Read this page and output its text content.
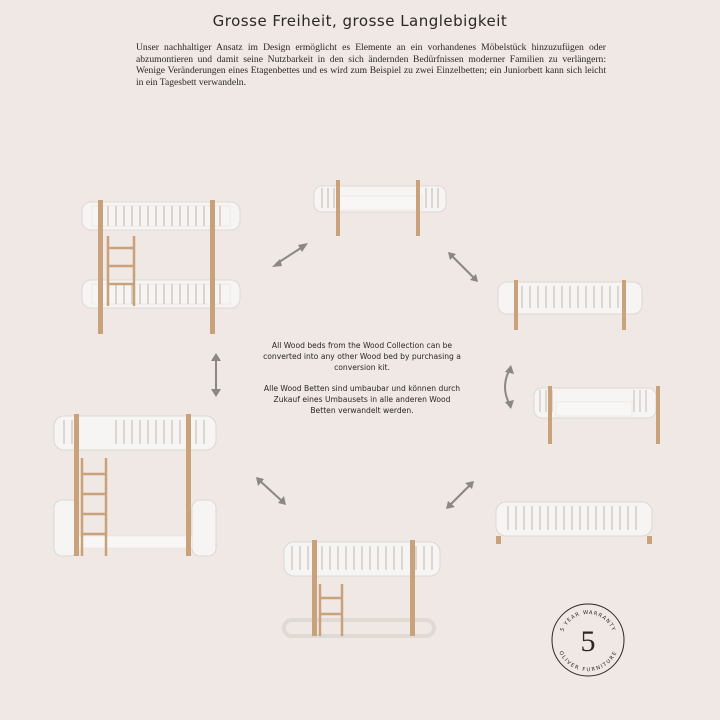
Grosse Freiheit, grosse Langlebigkeit
Unser nachhaltiger Ansatz im Design ermöglicht es Elemente an ein vorhandenes Möbelstück hinzuzufügen oder abzumontieren und damit seine Nutzbarkeit in den sich ändernden Bedürfnissen moderner Familien zu verlängern: Wenige Veränderungen eines Etagenbettes und es wird zum Beispiel zu zwei Einzelbetten; ein Juniorbett kann sich leicht in ein Tagesbett verwandeln.

All Wood beds from the Wood Collection can be converted into any other Wood bed by purchasing a conversion kit.

Alle Wood Betten sind umbaubar und können durch Zukauf eines Umbausets in alle anderen Wood Betten verwandelt werden.

5 YEAR WARRANTY
OLIVER FURNITURE
5
